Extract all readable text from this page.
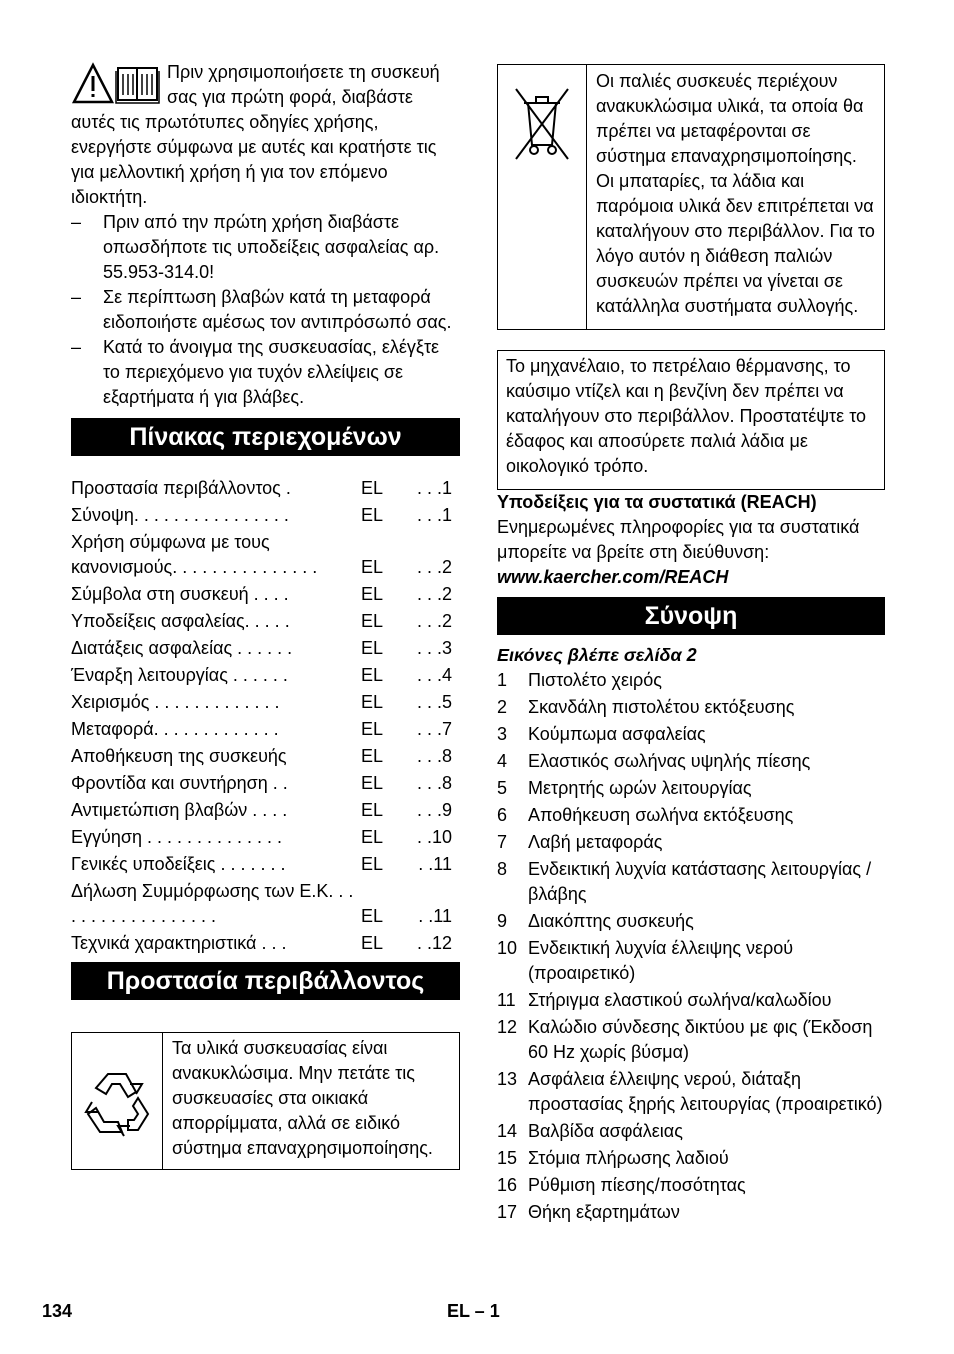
Πριν χρησιμοποιήσετε τη συσκευή σας για πρώτη φορά, διαβάστε αυτές τις πρωτότυπες οδηγίες χρήσης, ενεργήστε σύμφωνα με αυτές και κρατήστε τις για μελλοντική χρήση ή για τον επόμενο ιδιοκτήτη.

– Πριν από την πρώτη χρήση διαβάστε οπωσδήποτε τις υποδείξεις ασφαλείας αρ. 55.953-314.0!
– Σε περίπτωση βλαβών κατά τη μεταφορά ειδοποιήστε αμέσως τον αντιπρόσωπό σας.
– Κατά το άνοιγμα της συσκευασίας, ελέγξτε το περιεχόμενο για τυχόν ελλείψεις σε εξαρτήματα ή για βλάβες.
Πίνακας περιεχομένων
Προστασία περιβάλλοντος .	EL	. . .1
Σύνοψη. . . . . . . . . . . . . . . .	EL	. . .1
Χρήση σύμφωνα με τους κανονισμούς. . . . . . . . . . . . . . .	EL	. . .2
Σύμβολα στη συσκευή . . . .	EL	. . .2
Υποδείξεις ασφαλείας. . . . .	EL	. . .2
Διατάξεις ασφαλείας . . . . . .	EL	. . .3
Έναρξη λειτουργίας . . . . . .	EL	. . .4
Χειρισμός . . . . . . . . . . . . .	EL	. . .5
Μεταφορά. . . . . . . . . . . . .	EL	. . .7
Αποθήκευση της συσκευής	EL	. . .8
Φροντίδα και συντήρηση . .	EL	. . .8
Αντιμετώπιση βλαβών . . . .	EL	. . .9
Εγγύηση . . . . . . . . . . . . . .	EL	. .10
Γενικές υποδείξεις . . . . . . .	EL	. .11
Δήλωση Συμμόρφωσης των Ε.Κ. . . . . . . . . . . . . . . . . .	EL	. .11
Τεχνικά χαρακτηριστικά . . .	EL	. .12
Προστασία περιβάλλοντος
Τα υλικά συσκευασίας είναι ανακυκλώσιμα. Μην πετάτε τις συσκευασίες στα οικιακά απορρίμματα, αλλά σε ειδικό σύστημα επαναχρησιμοποίησης.
Οι παλιές συσκευές περιέχουν ανακυκλώσιμα υλικά, τα οποία θα πρέπει να μεταφέρονται σε σύστημα επαναχρησιμοποίησης. Οι μπαταρίες, τα λάδια και παρόμοια υλικά δεν επιτρέπεται να καταλήγουν στο περιβάλλον. Για το λόγο αυτόν η διάθεση παλιών συσκευών πρέπει να γίνεται σε κατάλληλα συστήματα συλλογής.
Το μηχανέλαιο, το πετρέλαιο θέρμανσης, το καύσιμο ντίζελ και η βενζίνη δεν πρέπει να καταλήγουν στο περιβάλλον. Προστατέψτε το έδαφος και αποσύρετε παλιά λάδια με οικολογικό τρόπο.

Υποδείξεις για τα συστατικά (REACH)

Ενημερωμένες πληροφορίες για τα συστατικά μπορείτε να βρείτε στη διεύθυνση:

www.kaercher.com/REACH

Σύνοψη

Εικόνες βλέπε σελίδα 2

1	Πιστολέτο χειρός
2	Σκανδάλη πιστολέτου εκτόξευσης
3	Κούμπωμα ασφαλείας
4	Ελαστικός σωλήνας υψηλής πίεσης
5	Μετρητής ωρών λειτουργίας
6	Αποθήκευση σωλήνα εκτόξευσης
7	Λαβή μεταφοράς
8	Ενδεικτική λυχνία κατάστασης λειτουργίας / βλάβης
9	Διακόπτης συσκευής
10 Ενδεικτική λυχνία έλλειψης νερού (προαιρετικό)
11 Στήριγμα ελαστικού σωλήνα/καλωδίου
12 Καλώδιο σύνδεσης δικτύου με φις (Έκδοση 60 Hz χωρίς βύσμα)
13 Ασφάλεια έλλειψης νερού, διάταξη προστασίας ξηρής λειτουργίας (προαιρετικό)
14 Βαλβίδα ασφάλειας
15 Στόμια πλήρωσης λαδιού
16 Ρύθμιση πίεσης/ποσότητας
17 Θήκη εξαρτημάτων
134	EL – 1
